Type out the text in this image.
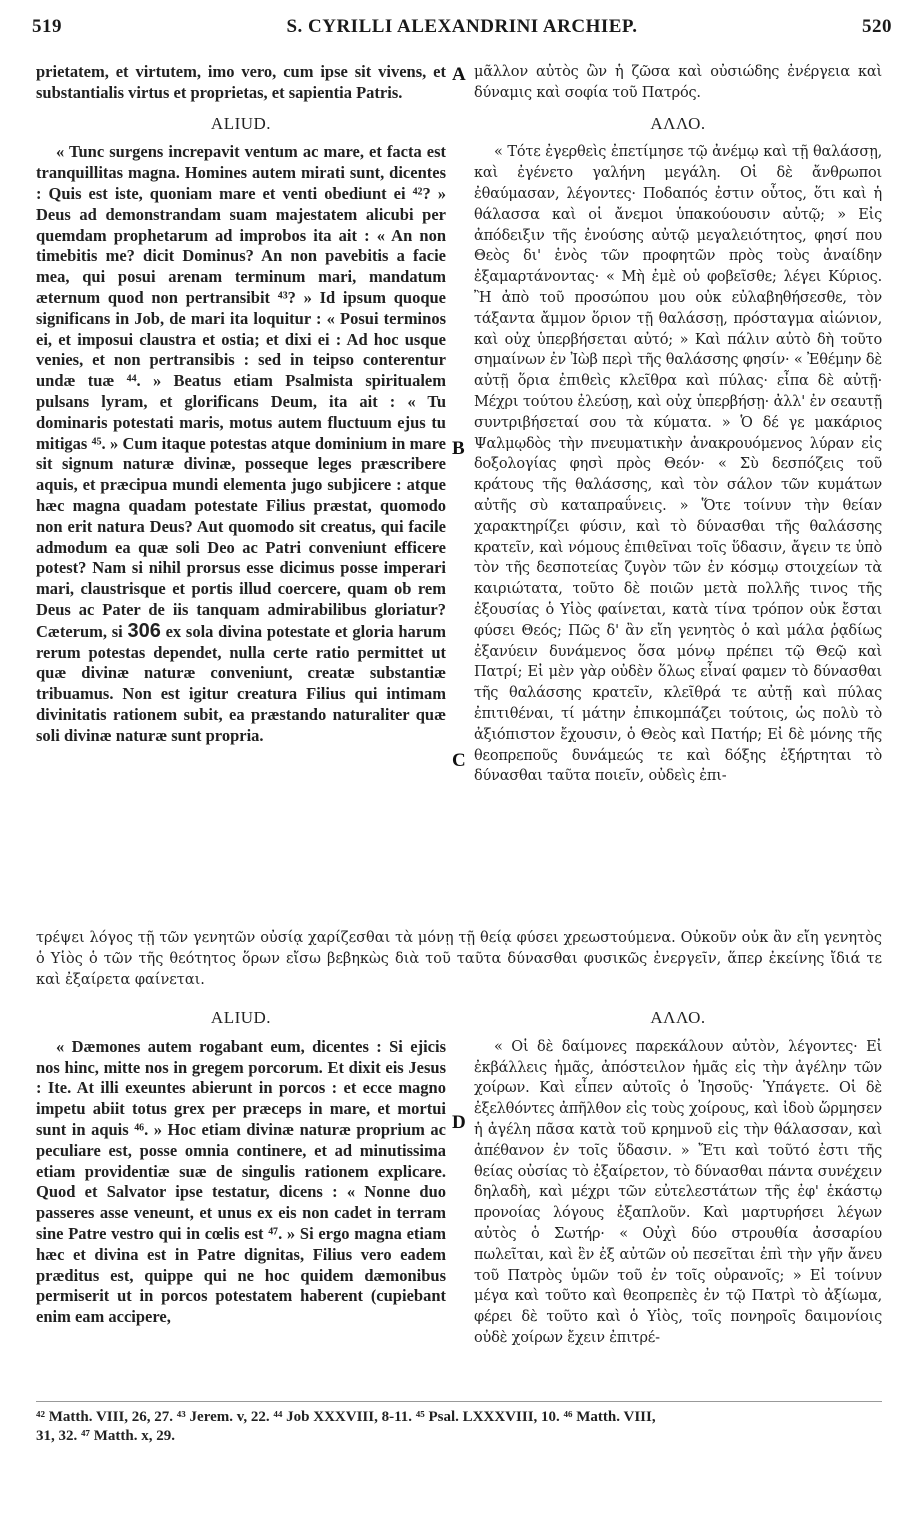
519	S. CYRILLI ALEXANDRINI ARCHIEP.	520

prietatem, et virtutem, imo vero, cum ipse sit vivens, et substantialis virtus et proprietas, et sapientia Patris.

ALIUD.

« Tunc surgens increpavit ventum ac mare, et facta est tranquillitas magna. Homines autem mirati sunt, dicentes : Quis est iste, quoniam mare et venti obediunt ei ⁴²? » Deus ad demonstrandam suam majestatem alicubi per quemdam prophetarum ad improbos ita ait : « An non timebitis me? dicit Dominus? An non pavebitis a facie mea, qui posui arenam terminum mari, mandatum æternum quod non pertransibit ⁴³? » Id ipsum quoque significans in Job, de mari ita loquitur : « Posui terminos ei, et imposui claustra et ostia; et dixi ei : Ad hoc usque venies, et non pertransibis : sed in teipso conterentur undæ tuæ ⁴⁴. » Beatus etiam Psalmista spiritualem pulsans lyram, et glorificans Deum, ita ait : « Tu dominaris potestati maris, motus autem fluctuum ejus tu mitigas ⁴⁵. » Cum itaque potestas atque dominium in mare sit signum naturæ divinæ, posseque leges præscribere aquis, et præcipua mundi elementa jugo subjicere : atque hæc magna quadam potestate Filius præstat, quomodo non erit natura Deus? Aut quomodo sit creatus, qui facile admodum ea quæ soli Deo ac Patri conveniunt efficere potest? Nam si nihil prorsus esse dicimus posse imperari mari, claustrisque et portis illud coercere, quam ob rem Deus ac Pater de iis tanquam admirabilibus gloriatur? Cæterum, si 306 ex sola divina potestate et gloria harum rerum potestas dependet, nulla certe ratio permittet ut quæ divinæ naturæ conveniunt, creatæ substantiæ tribuamus. Non est igitur creatura Filius qui intimam divinitatis rationem subit, ea præstando naturaliter quæ soli divinæ naturæ sunt propria.

μᾶλλον αὐτὸς ὢν ἡ ζῶσα καὶ οὐσιώδης ἐνέργεια καὶ δύναμις καὶ σοφία τοῦ Πατρός.

ΑΛΛΟ.

« Τότε ἐγερθεὶς ἐπετίμησε τῷ ἀνέμῳ καὶ τῇ θαλάσσῃ, καὶ ἐγένετο γαλήνη μεγάλη. Οἱ δὲ ἄνθρωποι ἐθαύμασαν, λέγοντες· Ποδαπός ἐστιν οὗτος, ὅτι καὶ ἡ θάλασσα καὶ οἱ ἄνεμοι ὑπακούουσιν αὐτῷ; » Εἰς ἀπόδειξιν τῆς ἐνούσης αὐτῷ μεγαλειότητος, φησί που Θεὸς δι' ἑνὸς τῶν προφητῶν πρὸς τοὺς ἀναίδην ἐξαμαρτάνοντας· « Μὴ ἐμὲ οὐ φοβεῖσθε; λέγει Κύριος. Ἢ ἀπὸ τοῦ προσώπου μου οὐκ εὐλαβηθήσεσθε, τὸν τάξαντα ἄμμον ὅριον τῇ θαλάσσῃ, πρόσταγμα αἰώνιον, καὶ οὐχ ὑπερβήσεται αὐτό; » Καὶ πάλιν αὐτὸ δὴ τοῦτο σημαίνων ἐν Ἰὼβ περὶ τῆς θαλάσσης φησίν· « Ἐθέμην δὲ αὐτῇ ὅρια ἐπιθεὶς κλεῖθρα καὶ πύλας· εἶπα δὲ αὐτῇ· Μέχρι τούτου ἐλεύσῃ, καὶ οὐχ ὑπερβήσῃ· ἀλλ' ἐν σεαυτῇ συντριβήσεταί σου τὰ κύματα. » Ὁ δέ γε μακάριος Ψαλμῳδὸς τὴν πνευματικὴν ἀνακρουόμενος λύραν εἰς δοξολογίας φησὶ πρὸς Θεόν· « Σὺ δεσπόζεις τοῦ κράτους τῆς θαλάσσης, καὶ τὸν σάλον τῶν κυμάτων αὐτῆς σὺ καταπραΰνεις. » Ὅτε τοίνυν τὴν θείαν χαρακτηρίζει φύσιν, καὶ τὸ δύνασθαι τῆς θαλάσσης κρατεῖν, καὶ νόμους ἐπιθεῖναι τοῖς ὕδασιν, ἄγειν τε ὑπὸ τὸν τῆς δεσποτείας ζυγὸν τῶν ἐν κόσμῳ στοιχείων τὰ καιριώτατα, τοῦτο δὲ ποιῶν μετὰ πολλῆς τινος τῆς ἐξουσίας ὁ Υἱὸς φαίνεται, κατὰ τίνα τρόπον οὐκ ἔσται φύσει Θεός; Πῶς δ' ἂν εἴη γενητὸς ὁ καὶ μάλα ῥᾳδίως ἐξανύειν δυνάμενος ὅσα μόνῳ πρέπει τῷ Θεῷ καὶ Πατρί; Εἰ μὲν γὰρ οὐδὲν ὅλως εἶναί φαμεν τὸ δύνασθαι τῆς θαλάσσης κρατεῖν, κλεῖθρά τε αὐτῇ καὶ πύλας ἐπιτιθέναι, τί μάτην ἐπικομπάζει τούτοις, ὡς πολὺ τὸ ἀξιόπιστον ἔχουσιν, ὁ Θεὸς καὶ Πατήρ; Εἰ δὲ μόνης τῆς θεοπρεποῦς δυνάμεώς τε καὶ δόξης ἐξήρτηται τὸ δύνασθαι ταῦτα ποιεῖν, οὐδεὶς ἐπι-

A
B
C
D

τρέψει λόγος τῇ τῶν γενητῶν οὐσίᾳ χαρίζεσθαι τὰ μόνῃ τῇ θείᾳ φύσει χρεωστούμενα. Οὐκοῦν οὐκ ἂν εἴη γενητὸς ὁ Υἱὸς ὁ τῶν τῆς θεότητος ὅρων εἴσω βεβηκὼς διὰ τοῦ ταῦτα δύνασθαι φυσικῶς ἐνεργεῖν, ἅπερ ἐκείνης ἴδιά τε καὶ ἐξαίρετα φαίνεται.

ALIUD.

« Dæmones autem rogabant eum, dicentes : Si ejicis nos hinc, mitte nos in gregem porcorum. Et dixit eis Jesus : Ite. At illi exeuntes abierunt in porcos : et ecce magno impetu abiit totus grex per præceps in mare, et mortui sunt in aquis ⁴⁶. » Hoc etiam divinæ naturæ proprium ac peculiare est, posse omnia continere, et ad minutissima etiam providentiæ suæ de singulis rationem explicare. Quod et Salvator ipse testatur, dicens : « Nonne duo passeres asse veneunt, et unus ex eis non cadet in terram sine Patre vestro qui in cœlis est ⁴⁷. » Si ergo magna etiam hæc et divina est in Patre dignitas, Filius vero eadem præditus est, quippe qui ne hoc quidem dæmonibus permiserit ut in porcos potestatem haberent (cupiebant enim eam accipere,

ΑΛΛΟ.

« Οἱ δὲ δαίμονες παρεκάλουν αὐτὸν, λέγοντες· Εἰ ἐκβάλλεις ἡμᾶς, ἀπόστειλον ἡμᾶς εἰς τὴν ἀγέλην τῶν χοίρων. Καὶ εἶπεν αὐτοῖς ὁ Ἰησοῦς· Ὑπάγετε. Οἱ δὲ ἐξελθόντες ἀπῆλθον εἰς τοὺς χοίρους, καὶ ἰδοὺ ὥρμησεν ἡ ἀγέλη πᾶσα κατὰ τοῦ κρημνοῦ εἰς τὴν θάλασσαν, καὶ ἀπέθανον ἐν τοῖς ὕδασιν. » Ἔτι καὶ τοῦτό ἐστι τῆς θείας οὐσίας τὸ ἐξαίρετον, τὸ δύνασθαι πάντα συνέχειν δηλαδὴ, καὶ μέχρι τῶν εὐτελεστάτων τῆς ἐφ' ἑκάστῳ προνοίας λόγους ἐξαπλοῦν. Καὶ μαρτυρήσει λέγων αὐτὸς ὁ Σωτήρ· « Οὐχὶ δύο στρουθία ἀσσαρίου πωλεῖται, καὶ ἓν ἐξ αὐτῶν οὐ πεσεῖται ἐπὶ τὴν γῆν ἄνευ τοῦ Πατρὸς ὑμῶν τοῦ ἐν τοῖς οὐρανοῖς; » Εἰ τοίνυν μέγα καὶ τοῦτο καὶ θεοπρεπὲς ἐν τῷ Πατρὶ τὸ ἀξίωμα, φέρει δὲ τοῦτο καὶ ὁ Υἱὸς, τοῖς πονηροῖς δαιμονίοις οὐδὲ χοίρων ἔχειν ἐπιτρέ-

⁴² Matth. VIII, 26, 27. ⁴³ Jerem. v, 22. ⁴⁴ Job XXXVIII, 8-11. ⁴⁵ Psal. LXXXVIII, 10. ⁴⁶ Matth. VIII,
31, 32. ⁴⁷ Matth. x, 29.
